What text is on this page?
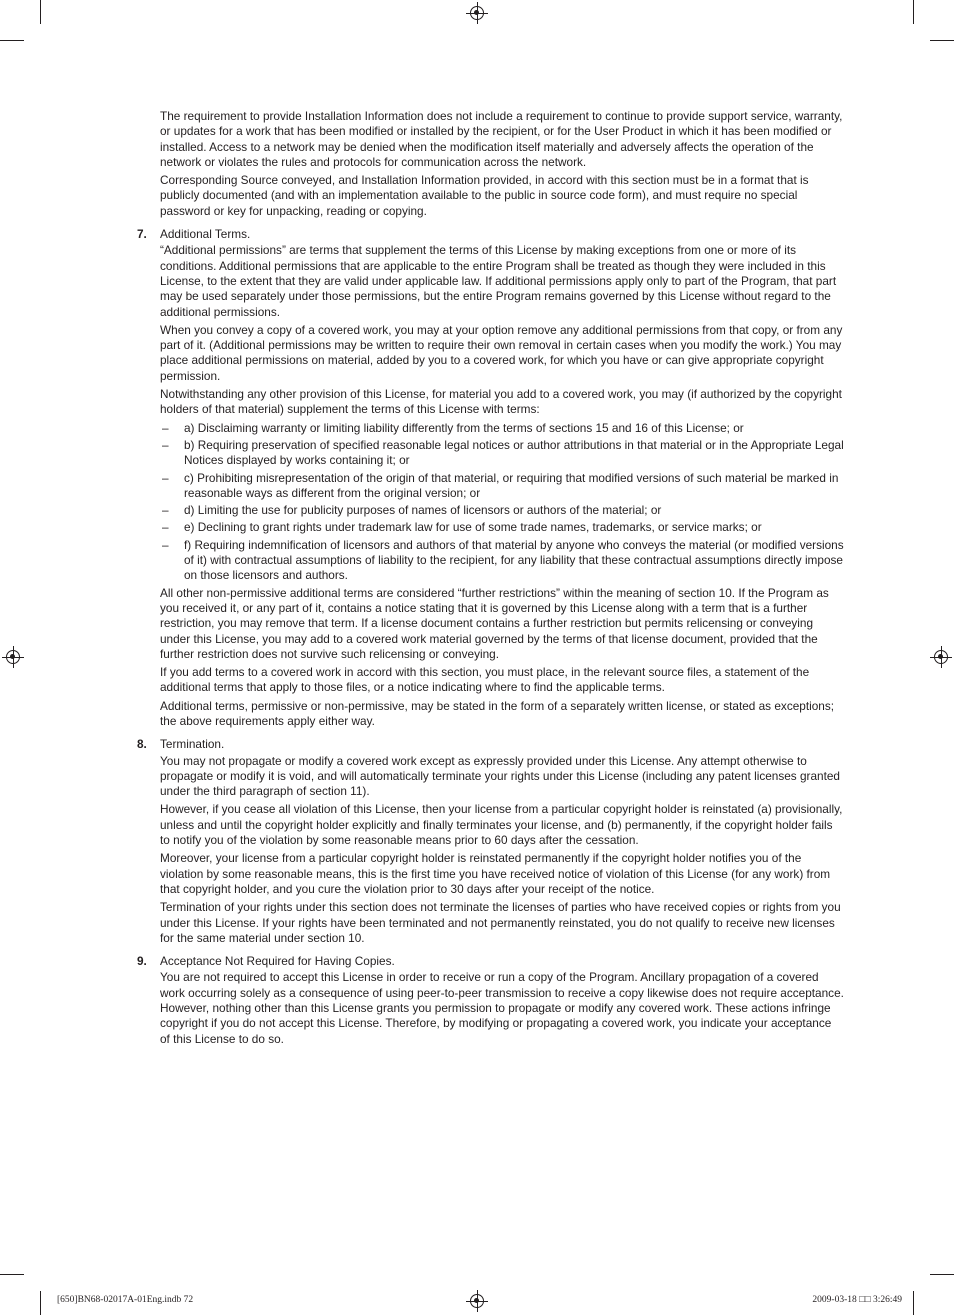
The requirement to provide Installation Information does not include a requirement to continue to provide support service, warranty, or updates for a work that has been modified or installed by the recipient, or for the User Product in which it has been modified or installed. Access to a network may be denied when the modification itself materially and adversely affects the operation of the network or violates the rules and protocols for communication across the network.

Corresponding Source conveyed, and Installation Information provided, in accord with this section must be in a format that is publicly documented (and with an implementation available to the public in source code form), and must require no special password or key for unpacking, reading or copying.

7. Additional Terms.

“Additional permissions” are terms that supplement the terms of this License by making exceptions from one or more of its conditions. Additional permissions that are applicable to the entire Program shall be treated as though they were included in this License, to the extent that they are valid under applicable law. If additional permissions apply only to part of the Program, that part may be used separately under those permissions, but the entire Program remains governed by this License without regard to the additional permissions.

When you convey a copy of a covered work, you may at your option remove any additional permissions from that copy, or from any part of it. (Additional permissions may be written to require their own removal in certain cases when you modify the work.) You may place additional permissions on material, added by you to a covered work, for which you have or can give appropriate copyright permission.

Notwithstanding any other provision of this License, for material you add to a covered work, you may (if authorized by the copyright holders of that material) supplement the terms of this License with terms:

– a) Disclaiming warranty or limiting liability differently from the terms of sections 15 and 16 of this License; or
– b) Requiring preservation of specified reasonable legal notices or author attributions in that material or in the Appropriate Legal Notices displayed by works containing it; or
– c) Prohibiting misrepresentation of the origin of that material, or requiring that modified versions of such material be marked in reasonable ways as different from the original version; or
– d) Limiting the use for publicity purposes of names of licensors or authors of the material; or
– e) Declining to grant rights under trademark law for use of some trade names, trademarks, or service marks; or
– f) Requiring indemnification of licensors and authors of that material by anyone who conveys the material (or modified versions of it) with contractual assumptions of liability to the recipient, for any liability that these contractual assumptions directly impose on those licensors and authors.

All other non-permissive additional terms are considered “further restrictions” within the meaning of section 10. If the Program as you received it, or any part of it, contains a notice stating that it is governed by this License along with a term that is a further restriction, you may remove that term. If a license document contains a further restriction but permits relicensing or conveying under this License, you may add to a covered work material governed by the terms of that license document, provided that the further restriction does not survive such relicensing or conveying.

If you add terms to a covered work in accord with this section, you must place, in the relevant source files, a statement of the additional terms that apply to those files, or a notice indicating where to find the applicable terms.

Additional terms, permissive or non-permissive, may be stated in the form of a separately written license, or stated as exceptions; the above requirements apply either way.

8. Termination.

You may not propagate or modify a covered work except as expressly provided under this License. Any attempt otherwise to propagate or modify it is void, and will automatically terminate your rights under this License (including any patent licenses granted under the third paragraph of section 11).

However, if you cease all violation of this License, then your license from a particular copyright holder is reinstated (a) provisionally, unless and until the copyright holder explicitly and finally terminates your license, and (b) permanently, if the copyright holder fails to notify you of the violation by some reasonable means prior to 60 days after the cessation.

Moreover, your license from a particular copyright holder is reinstated permanently if the copyright holder notifies you of the violation by some reasonable means, this is the first time you have received notice of violation of this License (for any work) from that copyright holder, and you cure the violation prior to 30 days after your receipt of the notice.

Termination of your rights under this section does not terminate the licenses of parties who have received copies or rights from you under this License. If your rights have been terminated and not permanently reinstated, you do not qualify to receive new licenses for the same material under section 10.

9. Acceptance Not Required for Having Copies.

You are not required to accept this License in order to receive or run a copy of the Program. Ancillary propagation of a covered work occurring solely as a consequence of using peer-to-peer transmission to receive a copy likewise does not require acceptance. However, nothing other than this License grants you permission to propagate or modify any covered work. These actions infringe copyright if you do not accept this License. Therefore, by modifying or propagating a covered work, you indicate your acceptance of this License to do so.

[650]BN68-02017A-01Eng.indb 72	2009-03-18 □□ 3:26:49
